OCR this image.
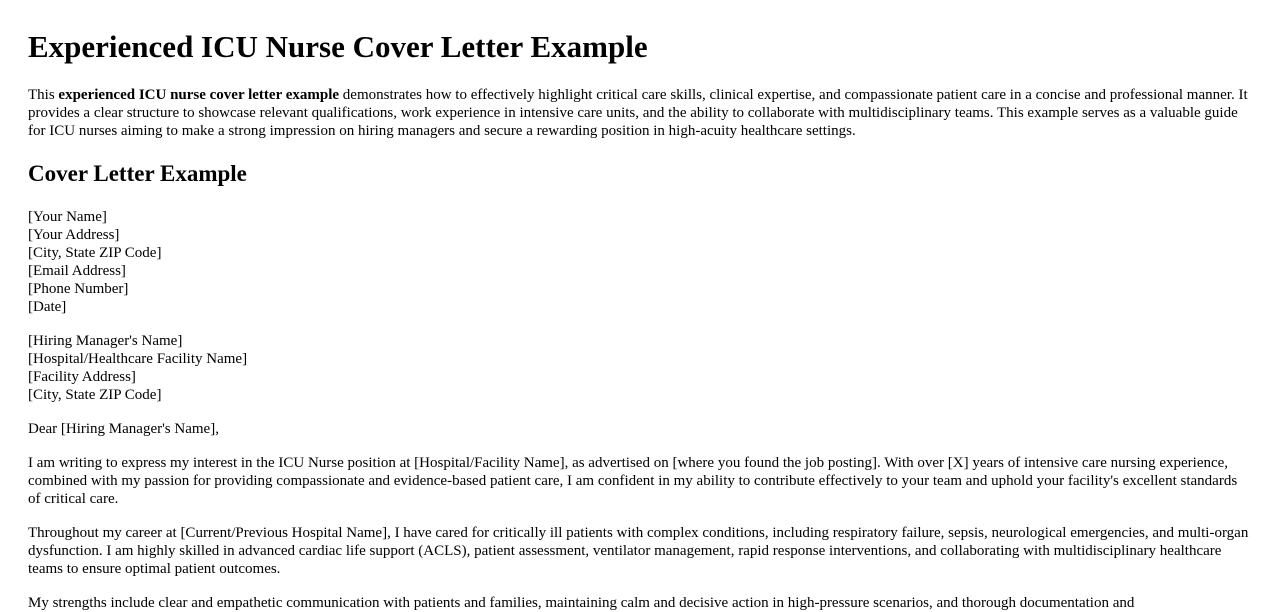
Experienced ICU Nurse Cover Letter Example

This experienced ICU nurse cover letter example demonstrates how to effectively highlight critical care skills, clinical expertise, and compassionate patient care in a concise and professional manner. It provides a clear structure to showcase relevant qualifications, work experience in intensive care units, and the ability to collaborate with multidisciplinary teams. This example serves as a valuable guide for ICU nurses aiming to make a strong impression on hiring managers and secure a rewarding position in high-acuity healthcare settings.

Cover Letter Example
[Your Name]
[Your Address]
[City, State ZIP Code]
[Email Address]
[Phone Number]
[Date]
[Hiring Manager's Name]
[Hospital/Healthcare Facility Name]
[Facility Address]
[City, State ZIP Code]
Dear [Hiring Manager's Name],
I am writing to express my interest in the ICU Nurse position at [Hospital/Facility Name], as advertised on [where you found the job posting]. With over [X] years of intensive care nursing experience, combined with my passion for providing compassionate and evidence-based patient care, I am confident in my ability to contribute effectively to your team and uphold your facility's excellent standards of critical care.
Throughout my career at [Current/Previous Hospital Name], I have cared for critically ill patients with complex conditions, including respiratory failure, sepsis, neurological emergencies, and multi-organ dysfunction. I am highly skilled in advanced cardiac life support (ACLS), patient assessment, ventilator management, rapid response interventions, and collaborating with multidisciplinary healthcare teams to ensure optimal patient outcomes.
My strengths include clear and empathetic communication with patients and families, maintaining calm and decisive action in high-pressure scenarios, and thorough documentation and
